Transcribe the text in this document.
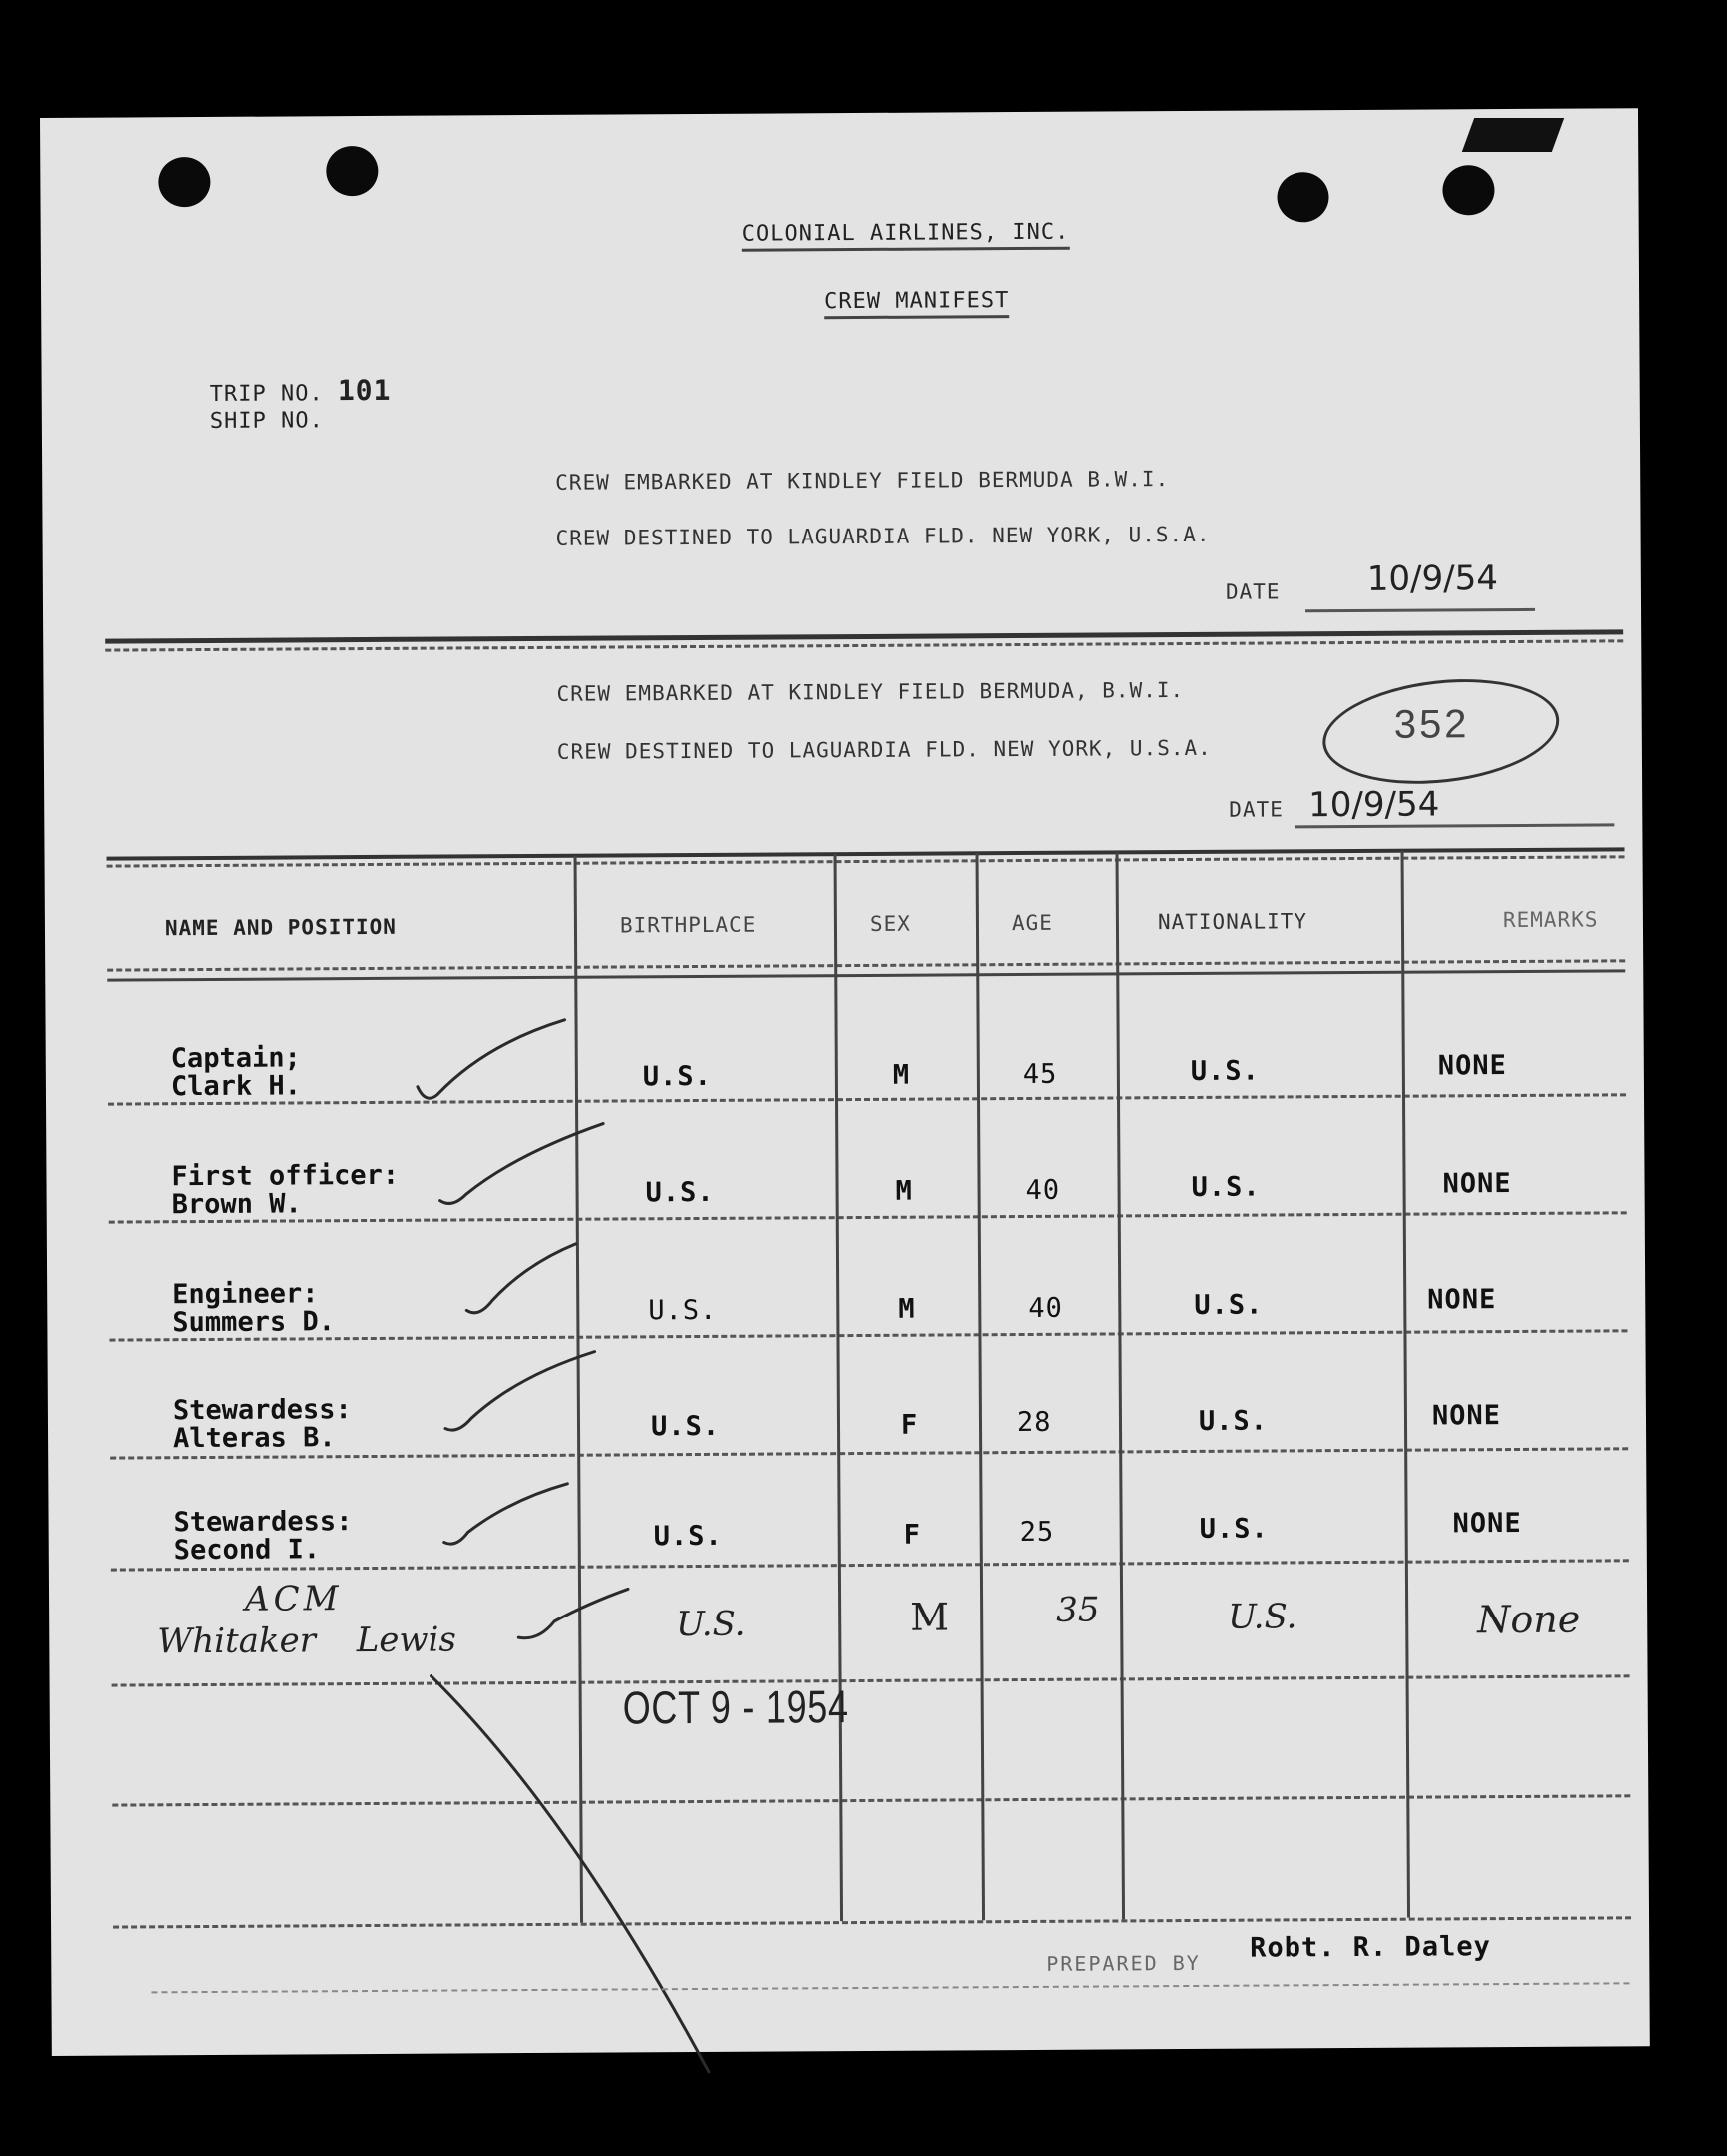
COLONIAL AIRLINES, INC.
CREW MANIFEST
TRIP NO. 101
SHIP NO.
CREW EMBARKED AT KINDLEY FIELD BERMUDA B.W.I.
CREW DESTINED TO LAGUARDIA FLD. NEW YORK, U.S.A.
DATE	10/9/54
CREW EMBARKED AT KINDLEY FIELD BERMUDA, B.W.I.
CREW DESTINED TO LAGUARDIA FLD. NEW YORK, U.S.A.
352
DATE 10/9/54
NAME AND POSITION	BIRTHPLACE	SEX	AGE	NATIONALITY	REMARKS
Captain;
Clark H.	U.S.	M	45	U.S.	NONE
First officer:
Brown W.	U.S.	M	40	U.S.	NONE
Engineer:
Summers D.	U.S.	M	40	U.S.	NONE
Stewardess:
Alteras B.	U.S.	F	28	U.S.	NONE
Stewardess:
Second I.	U.S.	F	25	U.S.	NONE
ACM
Whitaker Lewis	U.S.	M	35	U.S.	None
OCT 9 - 1954
PREPARED BY Robt. R. Daley
